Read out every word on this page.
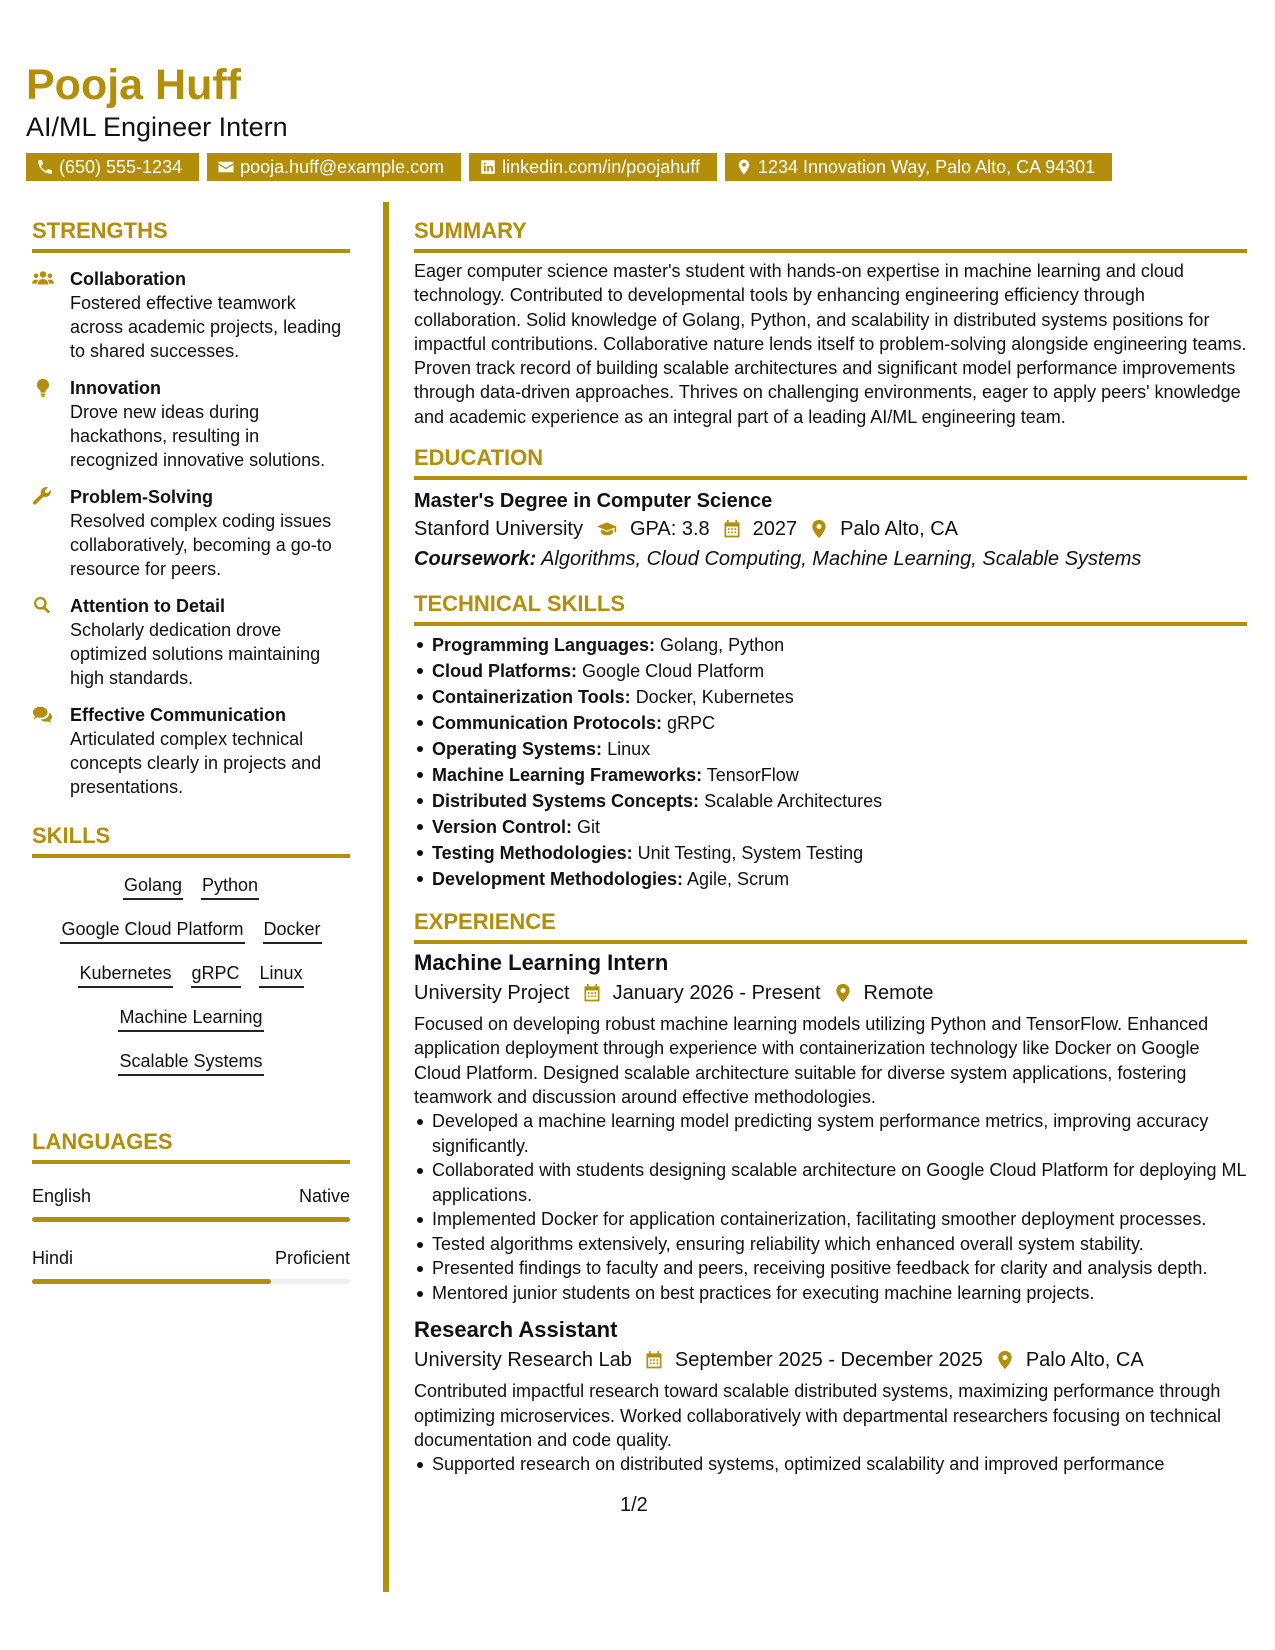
Pooja Huff
AI/ML Engineer Intern
(650) 555-1234	pooja.huff@example.com	linkedin.com/in/poojahuff	1234 Innovation Way, Palo Alto, CA 94301
STRENGTHS
Collaboration
Fostered effective teamwork across academic projects, leading to shared successes.
Innovation
Drove new ideas during hackathons, resulting in recognized innovative solutions.
Problem-Solving
Resolved complex coding issues collaboratively, becoming a go-to resource for peers.
Attention to Detail
Scholarly dedication drove optimized solutions maintaining high standards.
Effective Communication
Articulated complex technical concepts clearly in projects and presentations.
SKILLS
Golang Python
Google Cloud Platform Docker
Kubernetes gRPC Linux
Machine Learning
Scalable Systems
LANGUAGES
English	Native
Hindi	Proficient
SUMMARY
Eager computer science master's student with hands-on expertise in machine learning and cloud technology. Contributed to developmental tools by enhancing engineering efficiency through collaboration. Solid knowledge of Golang, Python, and scalability in distributed systems positions for impactful contributions. Collaborative nature lends itself to problem-solving alongside engineering teams. Proven track record of building scalable architectures and significant model performance improvements through data-driven approaches. Thrives on challenging environments, eager to apply peers' knowledge and academic experience as an integral part of a leading AI/ML engineering team.
EDUCATION
Master's Degree in Computer Science
Stanford University GPA: 3.8 2027 Palo Alto, CA
Coursework: Algorithms, Cloud Computing, Machine Learning, Scalable Systems
TECHNICAL SKILLS
Programming Languages: Golang, Python
Cloud Platforms: Google Cloud Platform
Containerization Tools: Docker, Kubernetes
Communication Protocols: gRPC
Operating Systems: Linux
Machine Learning Frameworks: TensorFlow
Distributed Systems Concepts: Scalable Architectures
Version Control: Git
Testing Methodologies: Unit Testing, System Testing
Development Methodologies: Agile, Scrum
EXPERIENCE
Machine Learning Intern
University Project January 2026 - Present Remote
Focused on developing robust machine learning models utilizing Python and TensorFlow. Enhanced application deployment through experience with containerization technology like Docker on Google Cloud Platform. Designed scalable architecture suitable for diverse system applications, fostering teamwork and discussion around effective methodologies.
Developed a machine learning model predicting system performance metrics, improving accuracy significantly.
Collaborated with students designing scalable architecture on Google Cloud Platform for deploying ML applications.
Implemented Docker for application containerization, facilitating smoother deployment processes.
Tested algorithms extensively, ensuring reliability which enhanced overall system stability.
Presented findings to faculty and peers, receiving positive feedback for clarity and analysis depth.
Mentored junior students on best practices for executing machine learning projects.
Research Assistant
University Research Lab September 2025 - December 2025 Palo Alto, CA
Contributed impactful research toward scalable distributed systems, maximizing performance through optimizing microservices. Worked collaboratively with departmental researchers focusing on technical documentation and code quality.
Supported research on distributed systems, optimized scalability and improved performance
1/2
